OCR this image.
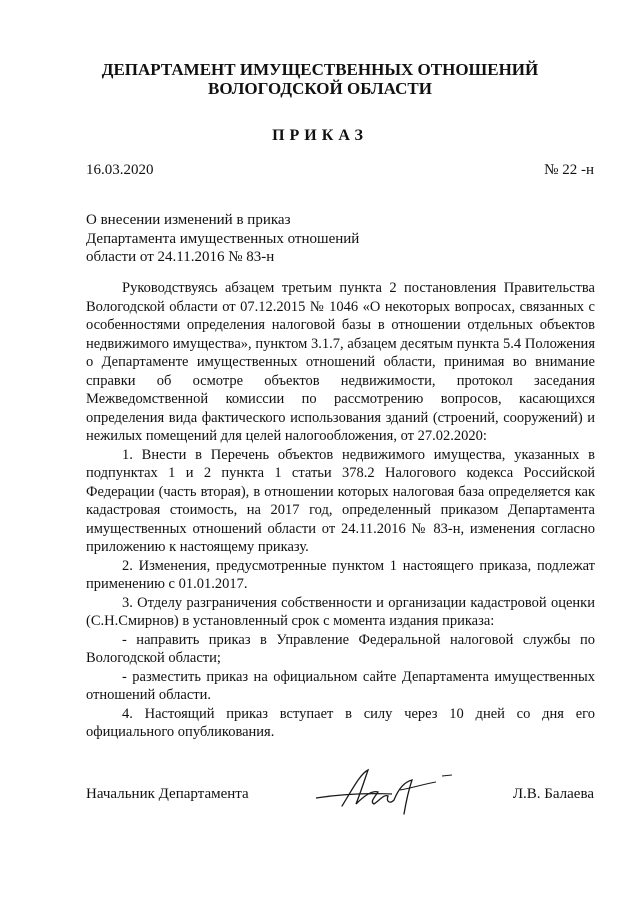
ДЕПАРТАМЕНТ ИМУЩЕСТВЕННЫХ ОТНОШЕНИЙ
ВОЛОГОДСКОЙ ОБЛАСТИ
ПРИКАЗ
16.03.2020	№ 22 -н
О внесении изменений в приказ
Департамента имущественных отношений
области от 24.11.2016 № 83-н

Руководствуясь абзацем третьим пункта 2 постановления Правительства Вологодской области от 07.12.2015 № 1046 «О некоторых вопросах, связанных с особенностями определения налоговой базы в отношении отдельных объектов недвижимого имущества», пунктом 3.1.7, абзацем десятым пункта 5.4 Положения о Департаменте имущественных отношений области, принимая во внимание справки об осмотре объектов недвижимости, протокол заседания Межведомственной комиссии по рассмотрению вопросов, касающихся определения вида фактического использования зданий (строений, сооружений) и нежилых помещений для целей налогообложения, от 27.02.2020:

1. Внести в Перечень объектов недвижимого имущества, указанных в подпунктах 1 и 2 пункта 1 статьи 378.2 Налогового кодекса Российской Федерации (часть вторая), в отношении которых налоговая база определяется как кадастровая стоимость, на 2017 год, определенный приказом Департамента имущественных отношений области от 24.11.2016 № 83-н, изменения согласно приложению к настоящему приказу.

2. Изменения, предусмотренные пунктом 1 настоящего приказа, подлежат применению с 01.01.2017.

3. Отделу разграничения собственности и организации кадастровой оценки (С.Н.Смирнов) в установленный срок с момента издания приказа:

- направить приказ в Управление Федеральной налоговой службы по Вологодской области;

- разместить приказ на официальном сайте Департамента имущественных отношений области.

4. Настоящий приказ вступает в силу через 10 дней со дня его официального опубликования.

Начальник Департамента	Л.В. Балаева
